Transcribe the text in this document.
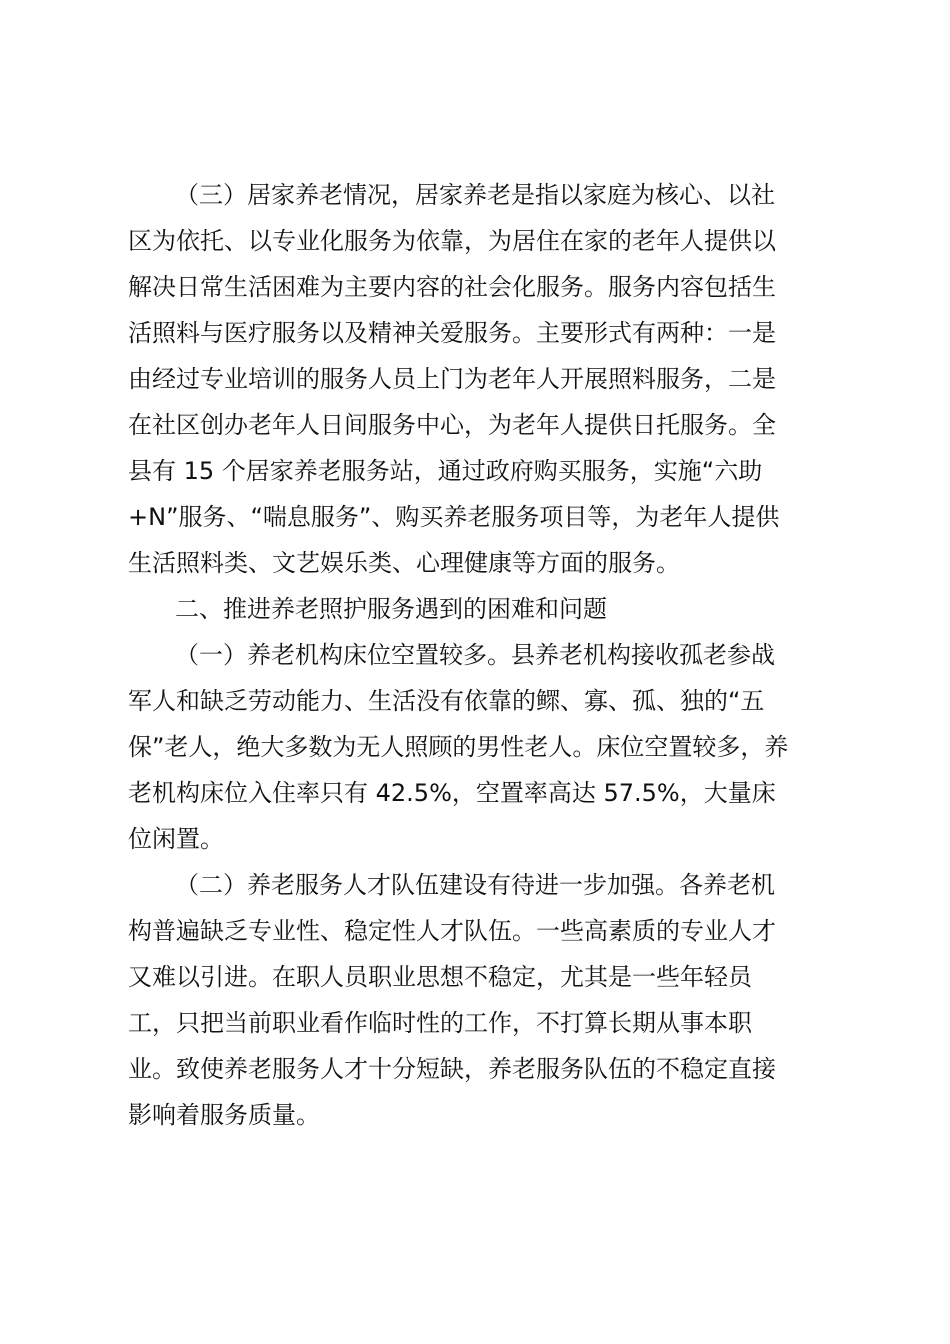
（三）居家养老情况，居家养老是指以家庭为核心、以社
区为依托、以专业化服务为依靠，为居住在家的老年人提供以
解决日常生活困难为主要内容的社会化服务。服务内容包括生
活照料与医疗服务以及精神关爱服务。主要形式有两种：一是
由经过专业培训的服务人员上门为老年人开展照料服务，二是
在社区创办老年人日间服务中心，为老年人提供日托服务。全
县有 15 个居家养老服务站，通过政府购买服务，实施“六助
+N”服务、“喘息服务”、购买养老服务项目等，为老年人提供
生活照料类、文艺娱乐类、心理健康等方面的服务。
二、推进养老照护服务遇到的困难和问题
（一）养老机构床位空置较多。县养老机构接收孤老参战
军人和缺乏劳动能力、生活没有依靠的鳏、寡、孤、独的“五
保”老人，绝大多数为无人照顾的男性老人。床位空置较多，养
老机构床位入住率只有 42.5%，空置率高达 57.5%，大量床
位闲置。
（二）养老服务人才队伍建设有待进一步加强。各养老机
构普遍缺乏专业性、稳定性人才队伍。一些高素质的专业人才
又难以引进。在职人员职业思想不稳定，尤其是一些年轻员
工，只把当前职业看作临时性的工作，不打算长期从事本职
业。致使养老服务人才十分短缺，养老服务队伍的不稳定直接
影响着服务质量。
